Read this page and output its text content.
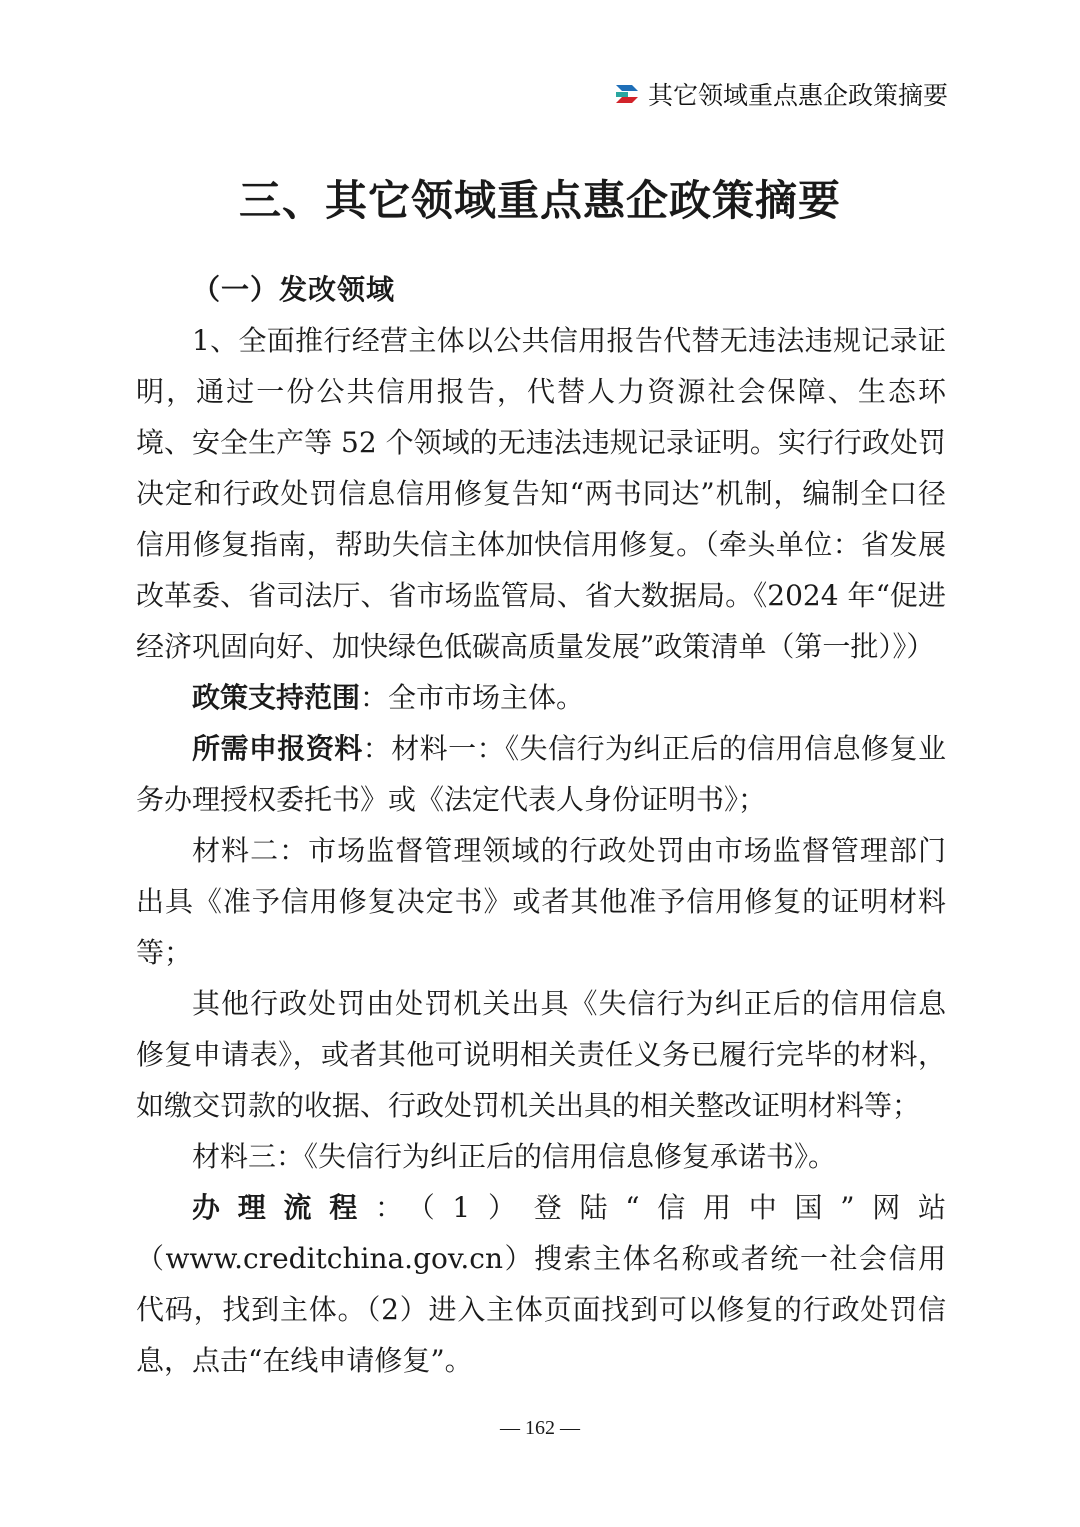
其它领域重点惠企政策摘要
三、其它领域重点惠企政策摘要

（一）发改领域

1、全面推行经营主体以公共信用报告代替无违法违规记录证明，通过一份公共信用报告，代替人力资源社会保障、生态环境、安全生产等 52 个领域的无违法违规记录证明。实行行政处罚决定和行政处罚信息信用修复告知“两书同达”机制，编制全口径信用修复指南，帮助失信主体加快信用修复。（牵头单位：省发展改革委、省司法厅、省市场监管局、省大数据局。《2024 年“促进经济巩固向好、加快绿色低碳高质量发展”政策清单（第一批）》）

政策支持范围：全市市场主体。

所需申报资料：材料一：《失信行为纠正后的信用信息修复业务办理授权委托书》或《法定代表人身份证明书》；

材料二：市场监督管理领域的行政处罚由市场监督管理部门出具《准予信用修复决定书》或者其他准予信用修复的证明材料等；

其他行政处罚由处罚机关出具《失信行为纠正后的信用信息修复申请表》，或者其他可说明相关责任义务已履行完毕的材料，如缴交罚款的收据、行政处罚机关出具的相关整改证明材料等；

材料三：《失信行为纠正后的信用信息修复承诺书》。

办理流程：（1）登陆“信用中国”网站（www.creditchina.gov.cn）搜索主体名称或者统一社会信用代码，找到主体。（2）进入主体页面找到可以修复的行政处罚信息，点击“在线申请修复”。

— 162 —
